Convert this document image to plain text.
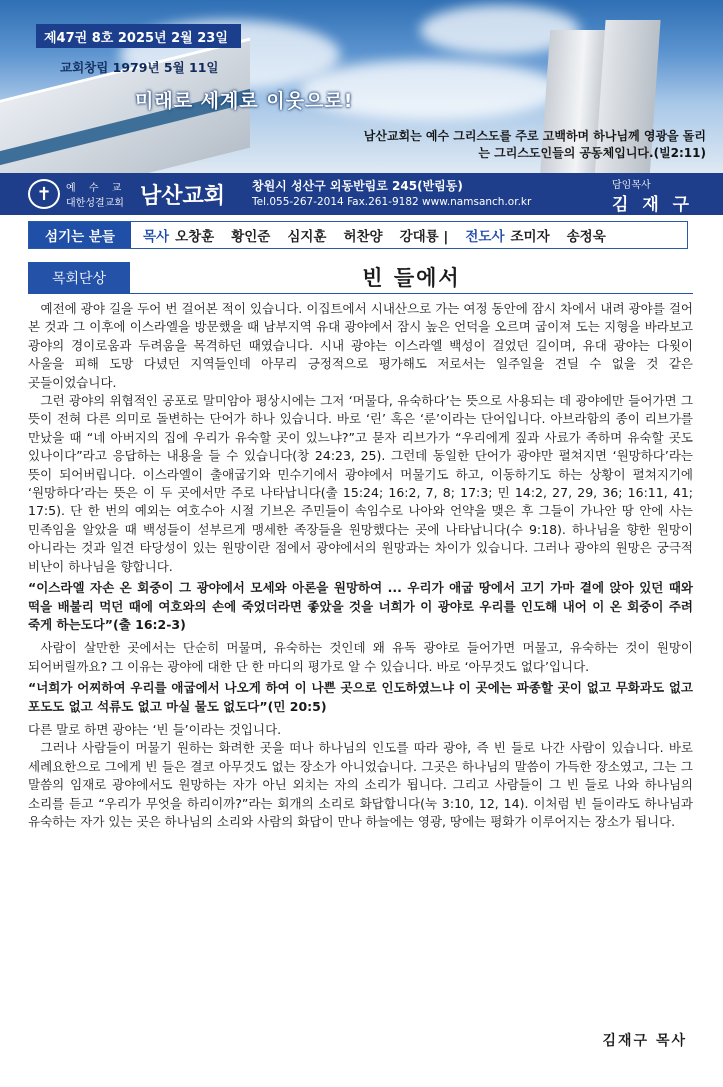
제47권 8호 2025년 2월 23일
교회창립 1979년 5월 11일
미래로 세계로 이웃으로!
남산교회는 예수 그리스도를 주로 고백하며 하나님께 영광을 돌리는 그리스도인들의 공동체입니다.(빌2:11)
✝	예 수 교
대한성결교회 남산교회 창원시 성산구 외동반림로 245(반림동)
Tel.055-267-2014 Fax.261-9182 www.namsanch.or.kr
담임목사
김 재 구
섬기는 분들	목사 오창훈 황인준 심지훈 허찬양 강대룡 | 전도사 조미자 송정욱
목회단상	빈 들에서

예전에 광야 길을 두어 번 걸어본 적이 있습니다. 이집트에서 시내산으로 가는 여정 동안에 잠시 차에서 내려 광야를 걸어 본 것과 그 이후에 이스라엘을 방문했을 때 남부지역 유대 광야에서 잠시 높은 언덕을 오르며 굽이져 도는 지형을 바라보고 광야의 경이로움과 두려움을 목격하던 때였습니다. 시내 광야는 이스라엘 백성이 걸었던 길이며, 유대 광야는 다윗이 사울을 피해 도망 다녔던 지역들인데 아무리 긍정적으로 평가해도 저로서는 일주일을 견딜 수 없을 것 같은 곳들이었습니다.

그런 광야의 위협적인 공포로 말미암아 평상시에는 그저 ‘머물다, 유숙하다’는 뜻으로 사용되는 데 광야에만 들어가면 그 뜻이 전혀 다른 의미로 돌변하는 단어가 하나 있습니다. 바로 ‘린’ 혹은 ‘룬’이라는 단어입니다. 아브라함의 종이 리브가를 만났을 때 “네 아버지의 집에 우리가 유숙할 곳이 있느냐?”고 묻자 리브가가 “우리에게 짚과 사료가 족하며 유숙할 곳도 있나이다”라고 응답하는 내용을 들 수 있습니다(창 24:23, 25). 그런데 동일한 단어가 광야만 펼쳐지면 ‘원망하다’라는 뜻이 되어버립니다. 이스라엘이 출애굽기와 민수기에서 광야에서 머물기도 하고, 이동하기도 하는 상황이 펼쳐지기에 ‘원망하다’라는 뜻은 이 두 곳에서만 주로 나타납니다(출 15:24; 16:2, 7, 8; 17:3; 민 14:2, 27, 29, 36; 16:11, 41; 17:5). 단 한 번의 예외는 여호수아 시절 기브온 주민들이 속임수로 나아와 언약을 맺은 후 그들이 가나안 땅 안에 사는 민족임을 알았을 때 백성들이 섣부르게 맹세한 족장들을 원망했다는 곳에 나타납니다(수 9:18). 하나님을 향한 원망이 아니라는 것과 일견 타당성이 있는 원망이란 점에서 광야에서의 원망과는 차이가 있습니다. 그러나 광야의 원망은 궁극적 비난이 하나님을 향합니다.

“이스라엘 자손 온 회중이 그 광야에서 모세와 아론을 원망하여 ... 우리가 애굽 땅에서 고기 가마 곁에 앉아 있던 때와 떡을 배불리 먹던 때에 여호와의 손에 죽었더라면 좋았을 것을 너희가 이 광야로 우리를 인도해 내어 이 온 회중이 주려 죽게 하는도다”(출 16:2-3)

사람이 살만한 곳에서는 단순히 머물며, 유숙하는 것인데 왜 유독 광야로 들어가면 머물고, 유숙하는 것이 원망이 되어버릴까요? 그 이유는 광야에 대한 단 한 마디의 평가로 알 수 있습니다. 바로 ‘아무것도 없다’입니다.

“너희가 어찌하여 우리를 애굽에서 나오게 하여 이 나쁜 곳으로 인도하였느냐 이 곳에는 파종할 곳이 없고 무화과도 없고 포도도 없고 석류도 없고 마실 물도 없도다”(민 20:5)

다른 말로 하면 광야는 ‘빈 들’이라는 것입니다.

그러나 사람들이 머물기 원하는 화려한 곳을 떠나 하나님의 인도를 따라 광야, 즉 빈 들로 나간 사람이 있습니다. 바로 세례요한으로 그에게 빈 들은 결코 아무것도 없는 장소가 아니었습니다. 그곳은 하나님의 말씀이 가득한 장소였고, 그는 그 말씀의 임재로 광야에서도 원망하는 자가 아닌 외치는 자의 소리가 됩니다. 그리고 사람들이 그 빈 들로 나와 하나님의 소리를 듣고 “우리가 무엇을 하리이까?”라는 회개의 소리로 화답합니다(눅 3:10, 12, 14). 이처럼 빈 들이라도 하나님과 유숙하는 자가 있는 곳은 하나님의 소리와 사람의 화답이 만나 하늘에는 영광, 땅에는 평화가 이루어지는 장소가 됩니다.

김재구 목사
